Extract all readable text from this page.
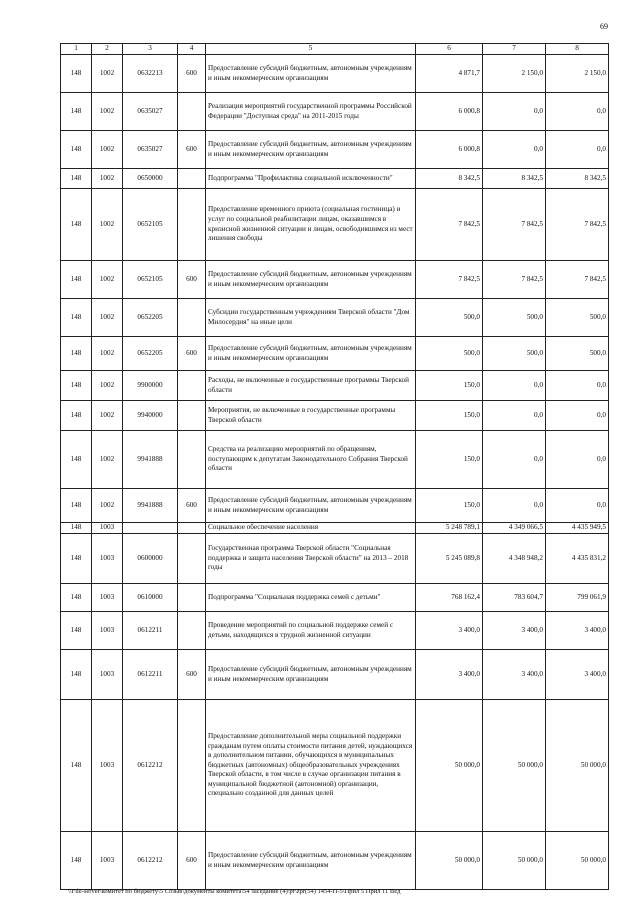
69
1	2	3	4	5	6	7	8
148	1002	0632213	600	Предоставление субсидий бюджетным, автономным учреждениям и иным некоммерческим организациям	4 871,7	2 150,0	2 150,0
148	1002	0635027		Реализация мероприятий государственной программы Российской Федерации "Доступная среда" на 2011-2015 годы	6 000,8	0,0	0,0
148	1002	0635027	600	Предоставление субсидий бюджетным, автономным учреждениям и иным некоммерческим организациям	6 000,8	0,0	0,0
148	1002	0650000		Подпрограмма "Профилактика социальной исключенности"	8 342,5	8 342,5	8 342,5
148	1002	0652105		Предоставление временного приюта (социальная гостиница) и услуг по социальной реабилитации лицам, оказавшимся в кризисной жизненной ситуации и лицам, освободившимся из мест лишения свободы	7 842,5	7 842,5	7 842,5
148	1002	0652105	600	Предоставление субсидий бюджетным, автономным учреждениям и иным некоммерческим организациям	7 842,5	7 842,5	7 842,5
148	1002	0652205		Субсидии государственным учреждениям Тверской области "Дом Милосердия" на иные цели	500,0	500,0	500,0
148	1002	0652205	600	Предоставление субсидий бюджетным, автономным учреждениям и иным некоммерческим организациям	500,0	500,0	500,0
148	1002	9900000		Расходы, не включенные в государственные программы Тверской области	150,0	0,0	0,0
148	1002	9940000		Мероприятия, не включенные в государственные программы Тверской области	150,0	0,0	0,0
148	1002	9941888		Средства на реализацию мероприятий по обращениям, поступающим к депутатам Законодательного Собрания Тверской области	150,0	0,0	0,0
148	1002	9941888	600	Предоставление субсидий бюджетным, автономным учреждениям и иным некоммерческим организациям	150,0	0,0	0,0
148	1003			Социальное обеспечение населения	5 248 789,1	4 349 066,5	4 435 949,5
148	1003	0600000		Государственная программа Тверской области "Социальная поддержка и защита населения Тверской области" на 2013 – 2018 годы	5 245 089,8	4 348 948,2	4 435 831,2
148	1003	0610000		Подпрограмма "Социальная поддержка семей с детьми"	768 162,4	783 604,7	799 061,9
148	1003	0612211		Проведение мероприятий по социальной поддержке семей с детьми, находящихся в трудной жизненной ситуации	3 400,0	3 400,0	3 400,0
148	1003	0612211	600	Предоставление субсидий бюджетным, автономным учреждениям и иным некоммерческим организациям	3 400,0	3 400,0	3 400,0
148	1003	0612212		Предоставление дополнительной меры социальной поддержки гражданам путем оплаты стоимости питания детей, нуждающихся в дополнительном питании, обучающихся в муниципальных бюджетных (автономных) общеобразовательных учреждениях Тверской области, в том числе в случае организации питания в муниципальной бюджетной (автономной) организации, специально созданной для данных целей	50 000,0	50 000,0	50 000,0
148	1003	0612212	600	Предоставление субсидий бюджетным, автономным учреждениям и иным некоммерческим организациям	50 000,0	50 000,0	50 000,0
\\File-server\комитет по бюджету\5 Созыв\документы комитета\54 заседание (4)\pr\zpr(54) 1454-П-5\Прил 5 Прил 11 Вед
